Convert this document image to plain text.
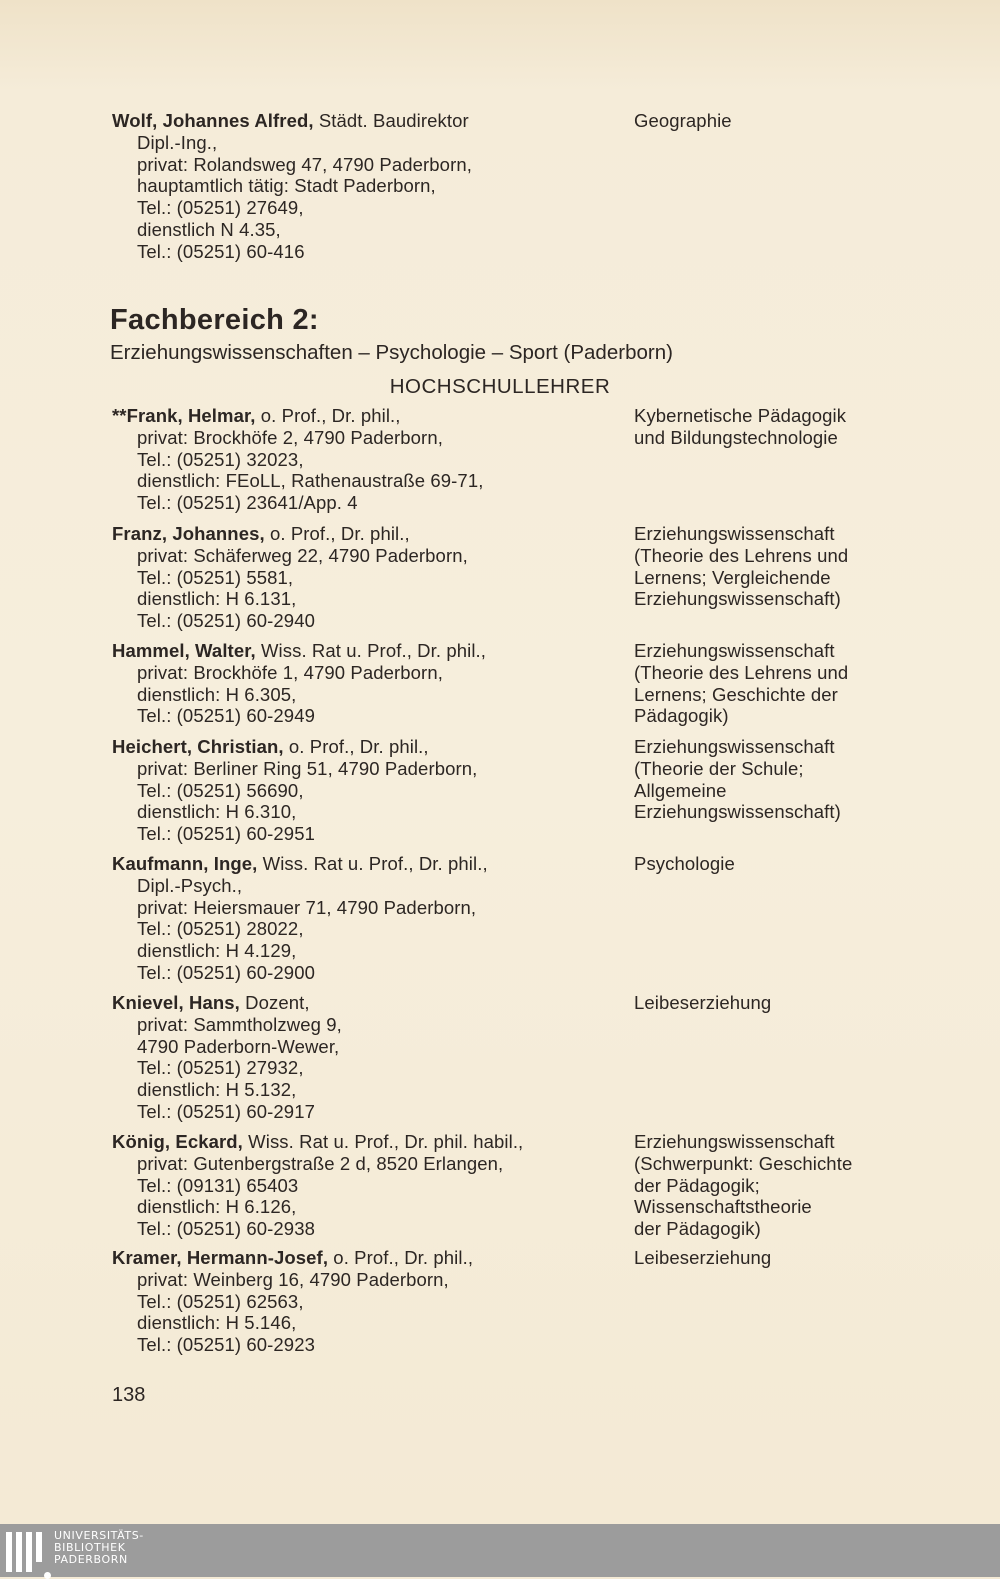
Wolf, Johannes Alfred, Städt. Baudirektor
Dipl.-Ing.,
privat: Rolandsweg 47, 4790 Paderborn,
hauptamtlich tätig: Stadt Paderborn,
Tel.: (05251) 27649,
dienstlich N 4.35,
Tel.: (05251) 60-416
Geographie
Fachbereich 2:
Erziehungswissenschaften – Psychologie – Sport (Paderborn)
HOCHSCHULLEHRER
**Frank, Helmar, o. Prof., Dr. phil.,
privat: Brockhöfe 2, 4790 Paderborn,
Tel.: (05251) 32023,
dienstlich: FEoLL, Rathenaustraße 69-71,
Tel.: (05251) 23641/App. 4
Kybernetische Pädagogik
und Bildungstechnologie
Franz, Johannes, o. Prof., Dr. phil.,
privat: Schäferweg 22, 4790 Paderborn,
Tel.: (05251) 5581,
dienstlich: H 6.131,
Tel.: (05251) 60-2940
Erziehungswissenschaft
(Theorie des Lehrens und
Lernens; Vergleichende
Erziehungswissenschaft)
Hammel, Walter, Wiss. Rat u. Prof., Dr. phil.,
privat: Brockhöfe 1, 4790 Paderborn,
dienstlich: H 6.305,
Tel.: (05251) 60-2949
Erziehungswissenschaft
(Theorie des Lehrens und
Lernens; Geschichte der
Pädagogik)
Heichert, Christian, o. Prof., Dr. phil.,
privat: Berliner Ring 51, 4790 Paderborn,
Tel.: (05251) 56690,
dienstlich: H 6.310,
Tel.: (05251) 60-2951
Erziehungswissenschaft
(Theorie der Schule;
Allgemeine
Erziehungswissenschaft)
Kaufmann, Inge, Wiss. Rat u. Prof., Dr. phil.,
Dipl.-Psych.,
privat: Heiersmauer 71, 4790 Paderborn,
Tel.: (05251) 28022,
dienstlich: H 4.129,
Tel.: (05251) 60-2900
Psychologie
Knievel, Hans, Dozent,
privat: Sammtholzweg 9,
4790 Paderborn-Wewer,
Tel.: (05251) 27932,
dienstlich: H 5.132,
Tel.: (05251) 60-2917
Leibeserziehung
König, Eckard, Wiss. Rat u. Prof., Dr. phil. habil.,
privat: Gutenbergstraße 2 d, 8520 Erlangen,
Tel.: (09131) 65403
dienstlich: H 6.126,
Tel.: (05251) 60-2938
Erziehungswissenschaft
(Schwerpunkt: Geschichte
der Pädagogik;
Wissenschaftstheorie
der Pädagogik)
Kramer, Hermann-Josef, o. Prof., Dr. phil.,
privat: Weinberg 16, 4790 Paderborn,
Tel.: (05251) 62563,
dienstlich: H 5.146,
Tel.: (05251) 60-2923
Leibeserziehung
138
UNIVERSITÄTS-
BIBLIOTHEK
PADERBORN
